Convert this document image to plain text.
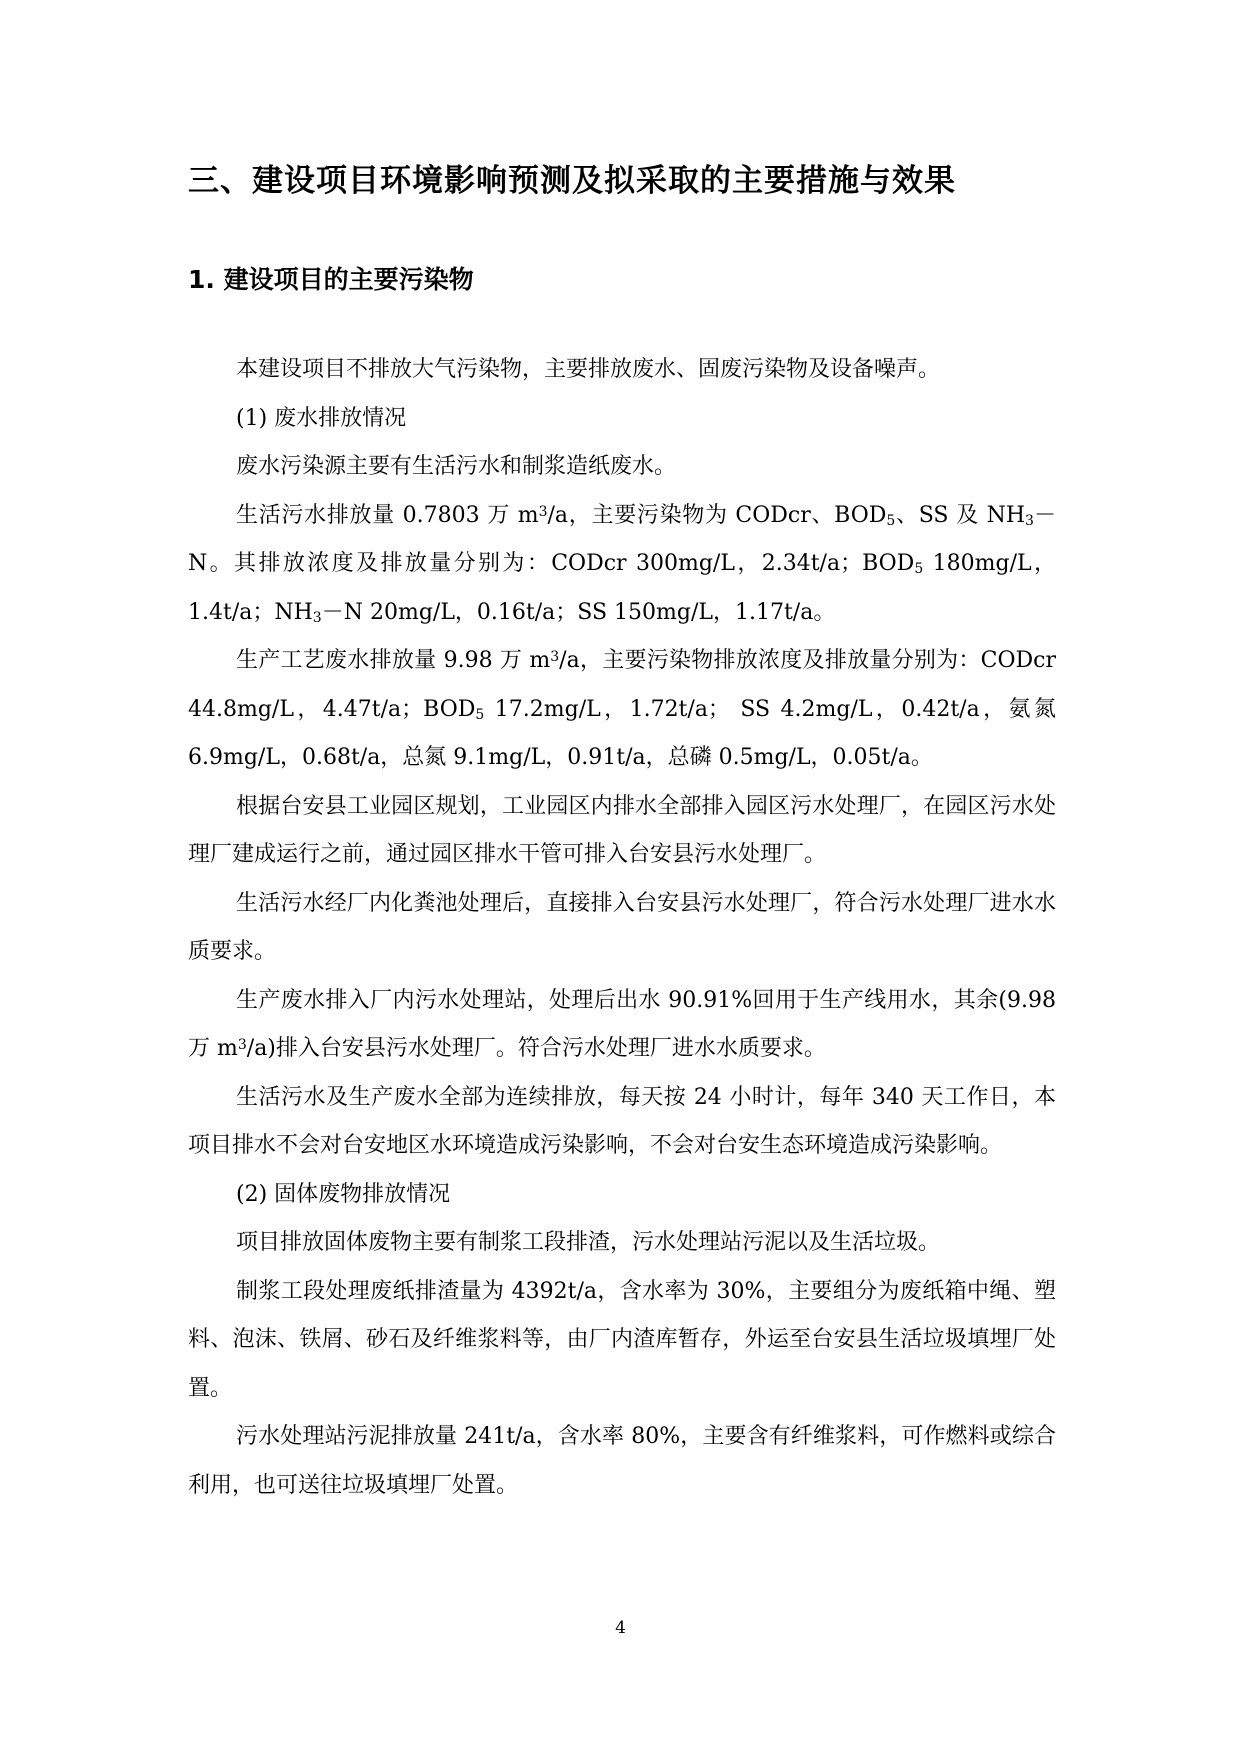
三、建设项目环境影响预测及拟采取的主要措施与效果
1. 建设项目的主要污染物

本建设项目不排放大气污染物，主要排放废水、固废污染物及设备噪声。

(1) 废水排放情况

废水污染源主要有生活污水和制浆造纸废水。

生活污水排放量 0.7803 万 $m^3/a$，主要污染物为 CODcr、$BOD_5$、SS 及 $NH_3-N$。其排放浓度及排放量分别为：CODcr 300mg/L，2.34t/a；$BOD_5$ 180mg/L，1.4t/a；$NH_3-N$ 20mg/L，0.16t/a；SS 150mg/L，1.17t/a。

生产工艺废水排放量 9.98 万 $m^3/a$，主要污染物排放浓度及排放量分别为：CODcr 44.8mg/L，4.47t/a；$BOD_5$ 17.2mg/L，1.72t/a； SS 4.2mg/L，0.42t/a，氨氮 6.9mg/L，0.68t/a，总氮 9.1mg/L，0.91t/a，总磷 0.5mg/L，0.05t/a。

根据台安县工业园区规划，工业园区内排水全部排入园区污水处理厂，在园区污水处理厂建成运行之前，通过园区排水干管可排入台安县污水处理厂。

生活污水经厂内化粪池处理后，直接排入台安县污水处理厂，符合污水处理厂进水水质要求。

生产废水排入厂内污水处理站，处理后出水 90.91%回用于生产线用水，其余(9.98 万 $m^3/a$)排入台安县污水处理厂。符合污水处理厂进水水质要求。

生活污水及生产废水全部为连续排放，每天按 24 小时计，每年 340 天工作日，本项目排水不会对台安地区水环境造成污染影响，不会对台安生态环境造成污染影响。

(2) 固体废物排放情况

项目排放固体废物主要有制浆工段排渣，污水处理站污泥以及生活垃圾。

制浆工段处理废纸排渣量为 4392t/a，含水率为 30%，主要组分为废纸箱中绳、塑料、泡沫、铁屑、砂石及纤维浆料等，由厂内渣库暂存，外运至台安县生活垃圾填埋厂处置。

污水处理站污泥排放量 241t/a，含水率 80%，主要含有纤维浆料，可作燃料或综合利用，也可送往垃圾填埋厂处置。

4
